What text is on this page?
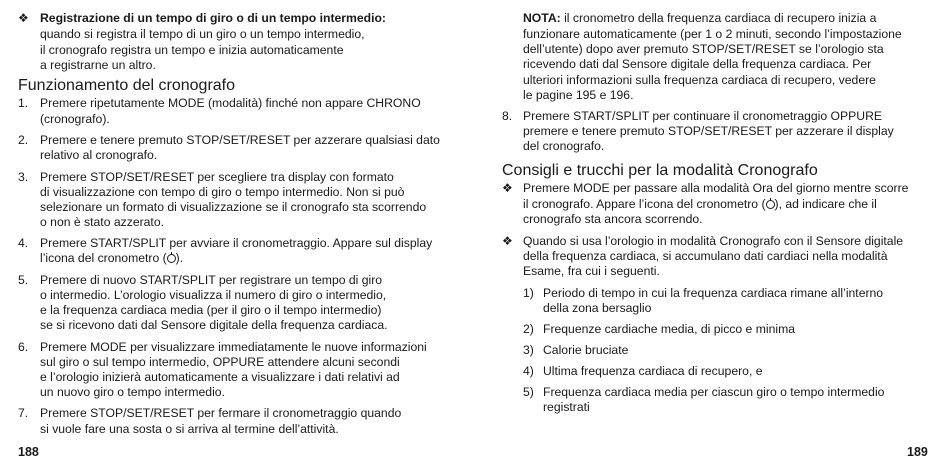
❖ Registrazione di un tempo di giro o di un tempo intermedio:
quando si registra il tempo di un giro o un tempo intermedio,
il cronografo registra un tempo e inizia automaticamente
a registrarne un altro.
Funzionamento del cronografo
1. Premere ripetutamente MODE (modalità) finché non appare CHRONO
(cronografo).
2. Premere e tenere premuto STOP/SET/RESET per azzerare qualsiasi dato
relativo al cronografo.
3. Premere STOP/SET/RESET per scegliere tra display con formato
di visualizzazione con tempo di giro o tempo intermedio. Non si può
selezionare un formato di visualizzazione se il cronografo sta scorrendo
o non è stato azzerato.
4. Premere START/SPLIT per avviare il cronometraggio. Appare sul display
l’icona del cronometro ( ).
5. Premere di nuovo START/SPLIT per registrare un tempo di giro
o intermedio. L’orologio visualizza il numero di giro o intermedio,
e la frequenza cardiaca media (per il giro o il tempo intermedio)
se si ricevono dati dal Sensore digitale della frequenza cardiaca.
6. Premere MODE per visualizzare immediatamente le nuove informazioni
sul giro o sul tempo intermedio, OPPURE attendere alcuni secondi
e l’orologio inizierà automaticamente a visualizzare i dati relativi ad
un nuovo giro o tempo intermedio.
7. Premere STOP/SET/RESET per fermare il cronometraggio quando
si vuole fare una sosta o si arriva al termine dell’attività.
188
NOTA: il cronometro della frequenza cardiaca di recupero inizia a
funzionare automaticamente (per 1 o 2 minuti, secondo l’impostazione
dell’utente) dopo aver premuto STOP/SET/RESET se l’orologio sta
ricevendo dati dal Sensore digitale della frequenza cardiaca. Per
ulteriori informazioni sulla frequenza cardiaca di recupero, vedere
le pagine 195 e 196.
8. Premere START/SPLIT per continuare il cronometraggio OPPURE
premere e tenere premuto STOP/SET/RESET per azzerare il display
del cronografo.
Consigli e trucchi per la modalità Cronografo
❖ Premere MODE per passare alla modalità Ora del giorno mentre scorre
il cronografo. Appare l’icona del cronometro ( ), ad indicare che il
cronografo sta ancora scorrendo.
❖ Quando si usa l’orologio in modalità Cronografo con il Sensore digitale
della frequenza cardiaca, si accumulano dati cardiaci nella modalità
Esame, fra cui i seguenti.
1) Periodo di tempo in cui la frequenza cardiaca rimane all’interno
della zona bersaglio
2) Frequenze cardiache media, di picco e minima
3) Calorie bruciate
4) Ultima frequenza cardiaca di recupero, e
5) Frequenza cardiaca media per ciascun giro o tempo intermedio
registrati
189
